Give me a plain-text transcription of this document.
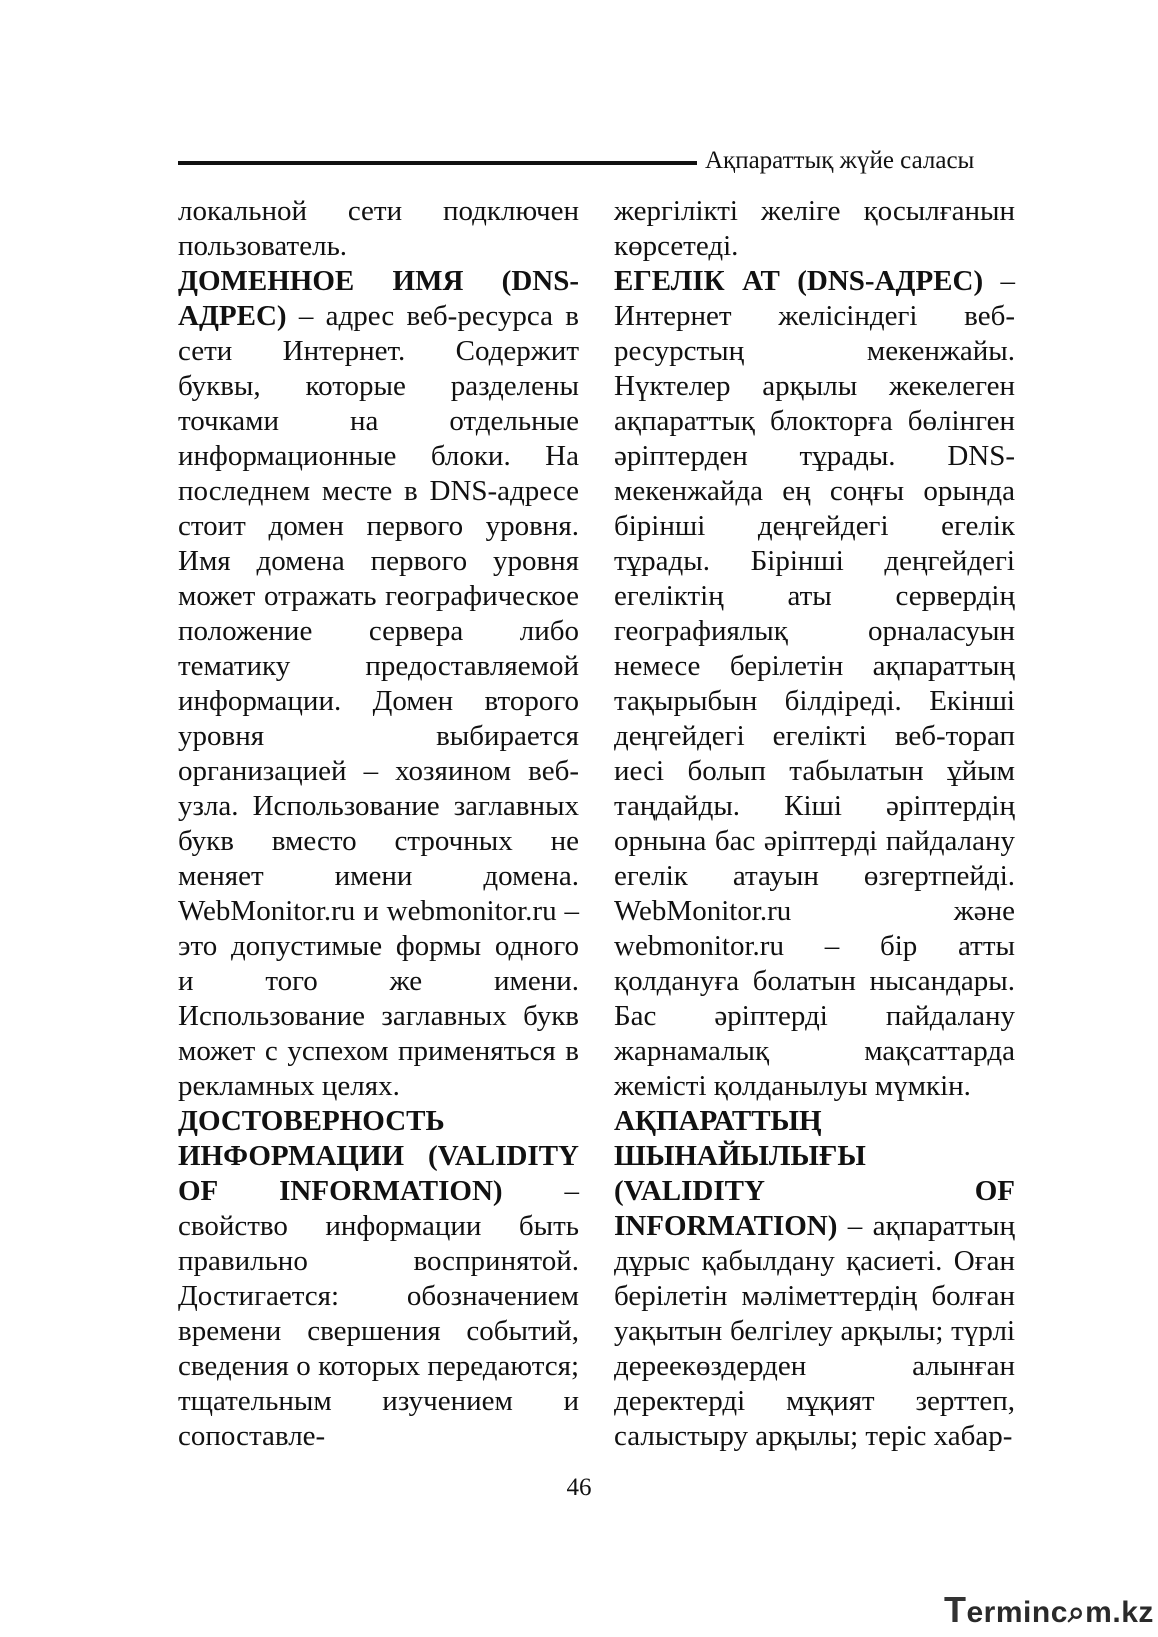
Ақпараттық жүйе саласы

локальной сети подключен пользователь.

ДОМЕННОЕ ИМЯ (DNS-АДРЕС) – адрес веб-ресурса в сети Интернет. Содержит буквы, которые разделены точками на отдельные информационные блоки. На последнем месте в DNS-адресе стоит домен первого уровня. Имя домена первого уровня может отражать географическое положение сервера либо тематику предоставляемой информации. Домен второго уровня выбирается организацией – хозяином веб-узла. Использование заглавных букв вместо строчных не меняет имени домена. WebMonitor.ru и webmonitor.ru – это допустимые формы одного и того же имени. Использование заглавных букв может с успехом применяться в рекламных целях.

ДОСТОВЕРНОСТЬ ИНФОРМАЦИИ (VALIDITY OF INFORMATION) – свойство информации быть правильно воспринятой. Достигается: обозначением времени свершения событий, сведения о которых передаются; тщательным изучением и сопоставле-

жергілікті желіге қосылғанын көрсетеді.

ЕГЕЛІК АТ (DNS-АДРЕС) – Интернет желісіндегі веб-ресурстың мекенжайы. Нүктелер арқылы жекелеген ақпараттық блокторға бөлінген әріптерден тұрады. DNS-мекенжайда ең соңғы орында бірінші деңгейдегі егелік тұрады. Бірінші деңгейдегі егеліктің аты сервердің географиялық орналасуын немесе берілетін ақпараттың тақырыбын білдіреді. Екінші деңгейдегі егелікті веб-торап иесі болып табылатын ұйым таңдайды. Кіші әріптердің орнына бас әріптерді пайдалану егелік атауын өзгертпейді. WebMonitor.ru және webmonitor.ru – бір атты қолдануға болатын нысандары. Бас әріптерді пайдалану жарнамалық мақсаттарда жемісті қолданылуы мүмкін.

АҚПАРАТТЫҢ ШЫНАЙЫЛЫҒЫ (VALIDITY OF INFORMATION) – ақпараттың дұрыс қабылдану қасиеті. Оған берілетін мәліметтердің болған уақытын белгілеу арқылы; түрлі дереекөздерден алынған деректерді мұқият зерттеп, салыстыру арқылы; теріс хабар-

46
Terminc⌕m.kz
